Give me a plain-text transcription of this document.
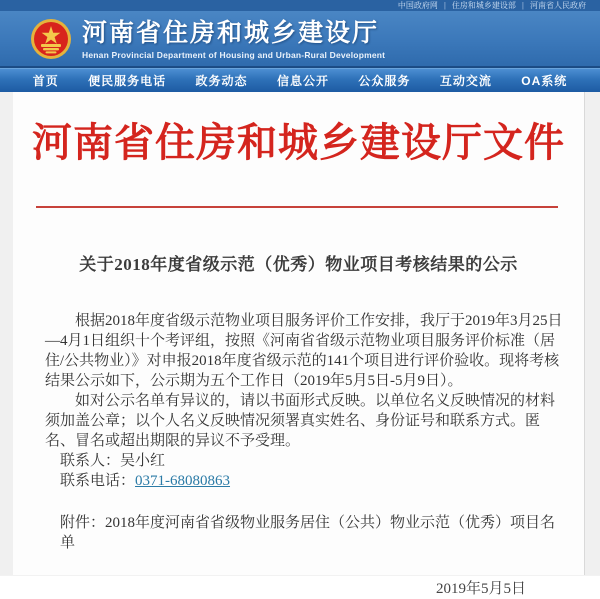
中国政府网 | 住房和城乡建设部 | 河南省人民政府
河南省住房和城乡建设厅
Henan Provincial Department of Housing and Urban-Rural Development
首页 便民服务电话 政务动态 信息公开 公众服务 互动交流 OA系统
河南省住房和城乡建设厅文件
关于2018年度省级示范（优秀）物业项目考核结果的公示

根据2018年度省级示范物业项目服务评价工作安排，我厅于2019年3月25日—4月1日组织十个考评组，按照《河南省省级示范物业项目服务评价标准（居住/公共物业）》对申报2018年度省级示范的141个项目进行评价验收。现将考核结果公示如下，公示期为五个工作日（2019年5月5日-5月9日）。

如对公示名单有异议的，请以书面形式反映。以单位名义反映情况的材料须加盖公章；以个人名义反映情况须署真实姓名、身份证号和联系方式。匿名、冒名或超出期限的异议不予受理。

联系人：吴小红

联系电话：0371-68080863

附件：2018年度河南省省级物业服务居住（公共）物业示范（优秀）项目名单

2019年5月5日
